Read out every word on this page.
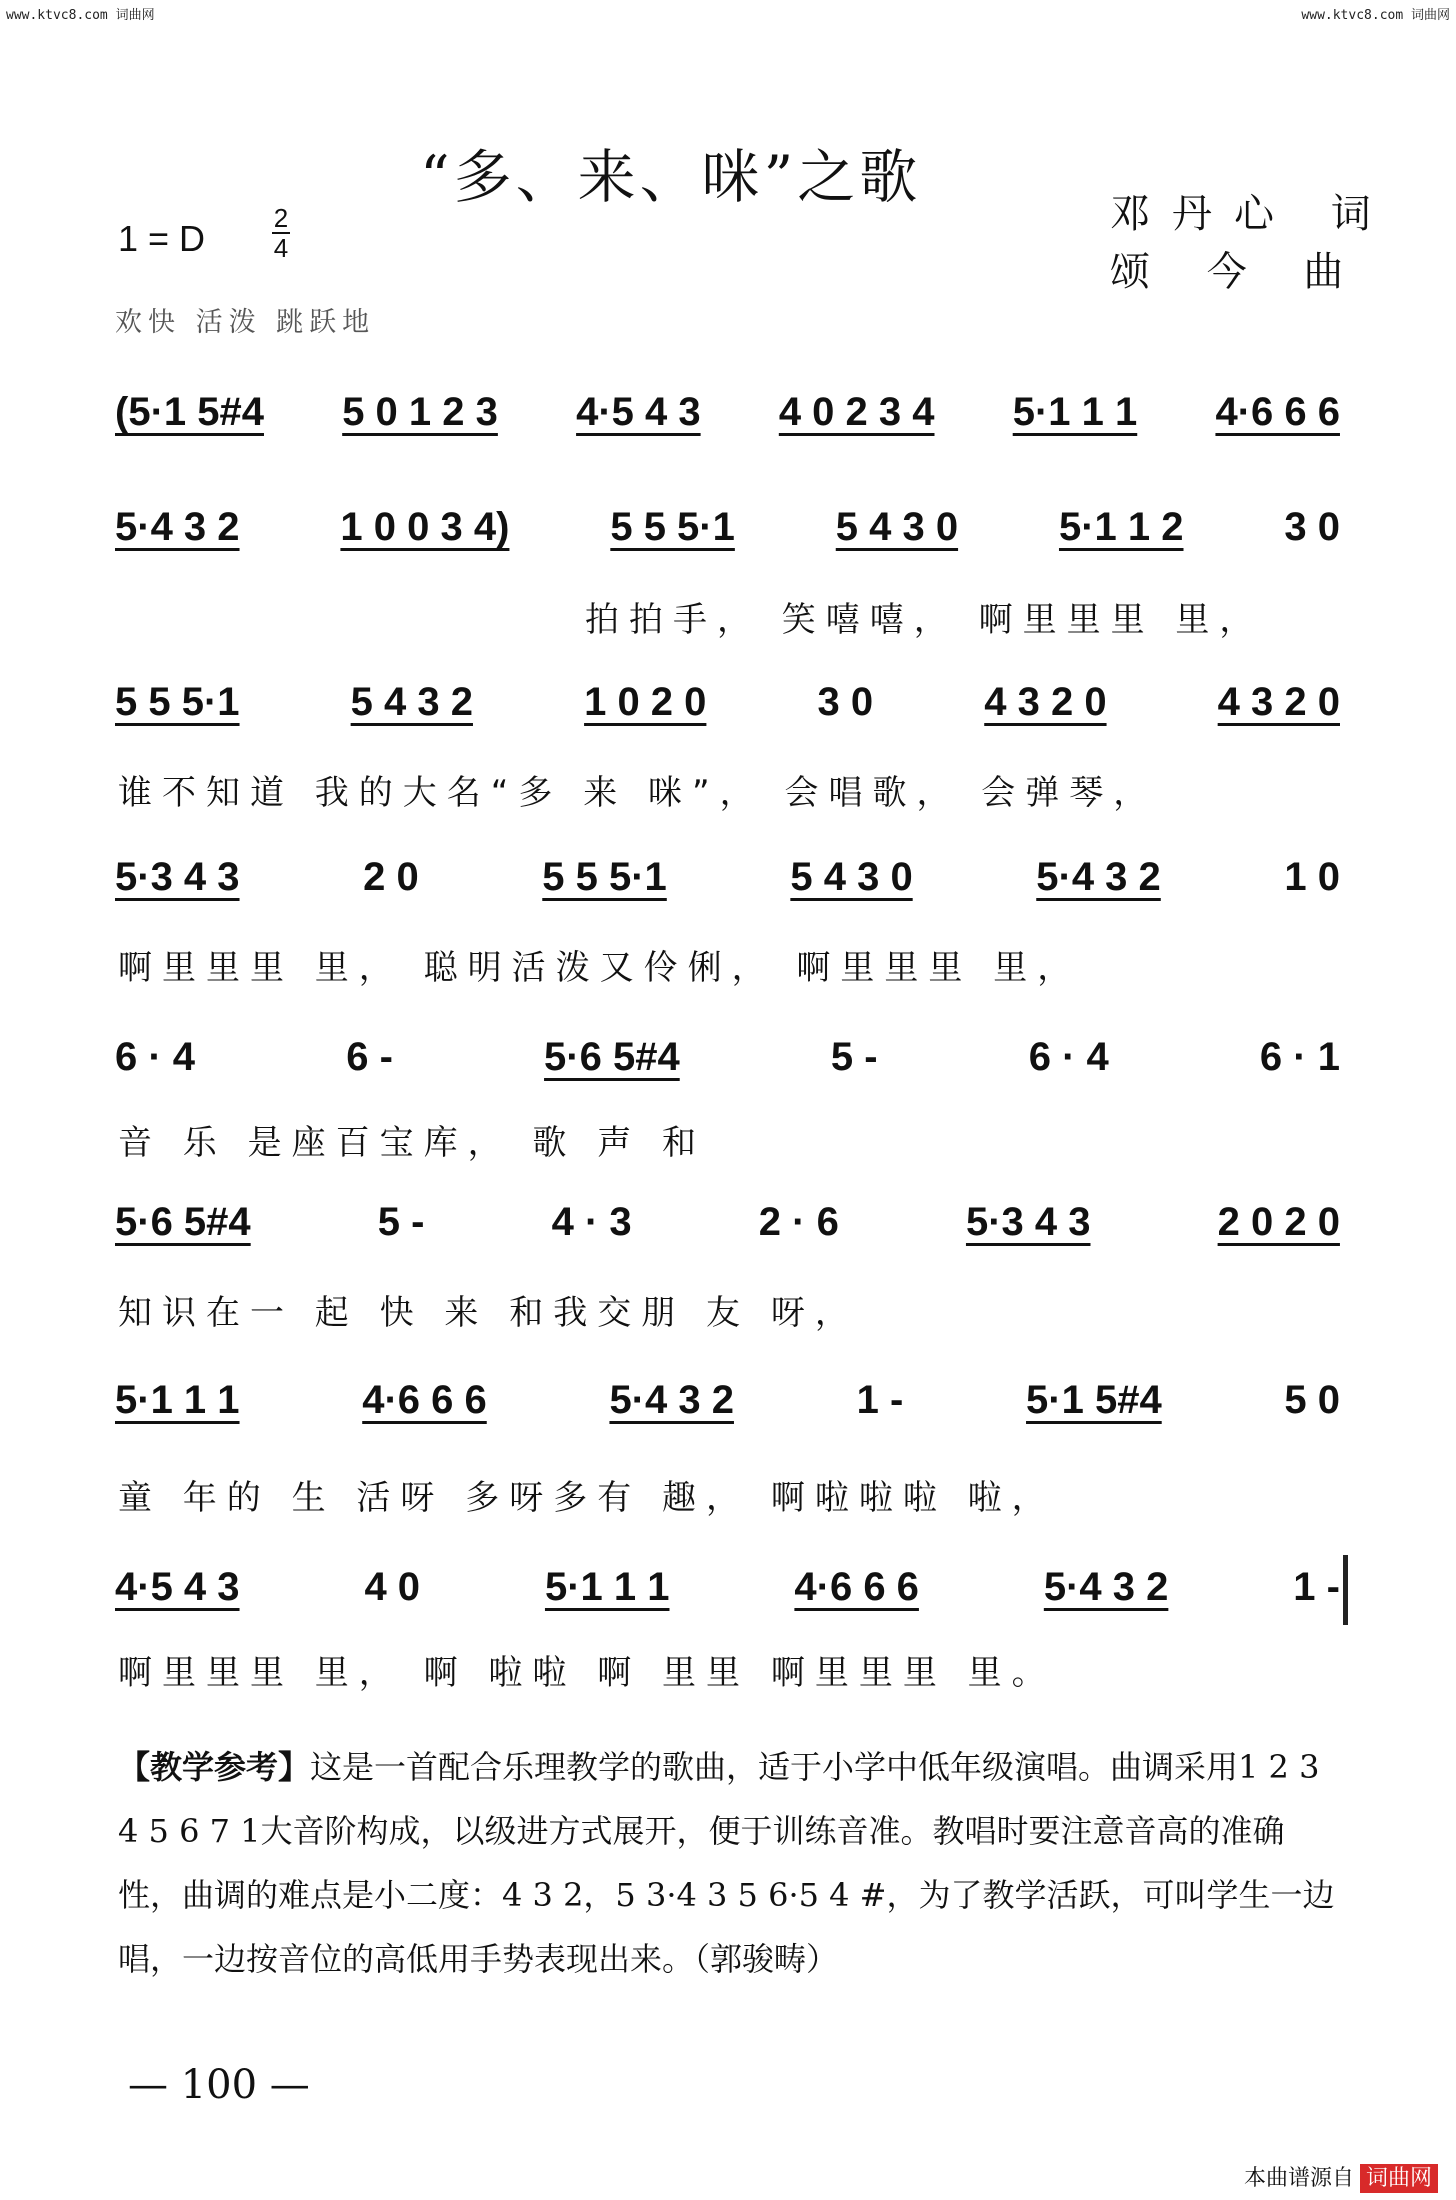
www.ktvc8.com 词曲网	www.ktvc8.com 词曲网
“多、来、咪”之歌
邓丹心 词
颂 今 曲
1 = D	2
4
欢快 活泼 跳跃地
(5·1 5#4 5 0 1 2 3 4·5 4 3 4 0 2 3 4 5·1 1 1 4·6 6 6
5·4 3 2	1 0 0 3 4)	5 5 5·1	5 4 3 0	5·1 1 2	3 0
拍拍手， 笑嘻嘻， 啊里里里 里，
5 5 5·1	5 4 3 2	1 0 2 0	3 0	4 3 2 0	4 3 2 0
谁不知道 我的大名“多 来 咪”， 会唱歌， 会弹琴，
5·3 4 3	2 0	5 5 5·1	5 4 3 0	5·4 3 2	1 0
啊里里里 里， 聪明活泼又伶俐， 啊里里里 里，
6 · 4	6 -	5·6 5#4	5 -	6 · 4	6 · 1
音 乐 是座百宝库， 歌 声 和
5·6 5#4	5 -	4 · 3	2 · 6	5·3 4 3	2 0 2 0
知识在一 起 快 来 和我交朋 友 呀，
5·1 1 1	4·6 6 6	5·4 3 2	1 -	5·1 5#4	5 0
童 年的 生 活呀 多呀多有 趣， 啊啦啦啦 啦，
4·5 4 3	4 0	5·1 1 1	4·6 6 6	5·4 3 2	1 -
啊里里里 里， 啊 啦啦 啊 里里 啊里里里 里。
【教学参考】这是一首配合乐理教学的歌曲，适于小学中低年级演唱。曲调采用1 2 3 4 5 6 7 1大音阶构成，以级进方式展开，便于训练音准。教唱时要注意音高的准确性，曲调的难点是小二度：4 3 2，5 3·4 3 5 6·5 4 #，为了教学活跃，可叫学生一边唱，一边按音位的高低用手势表现出来。（郭骏畴）
— 100 —
本曲谱源自 词曲网
